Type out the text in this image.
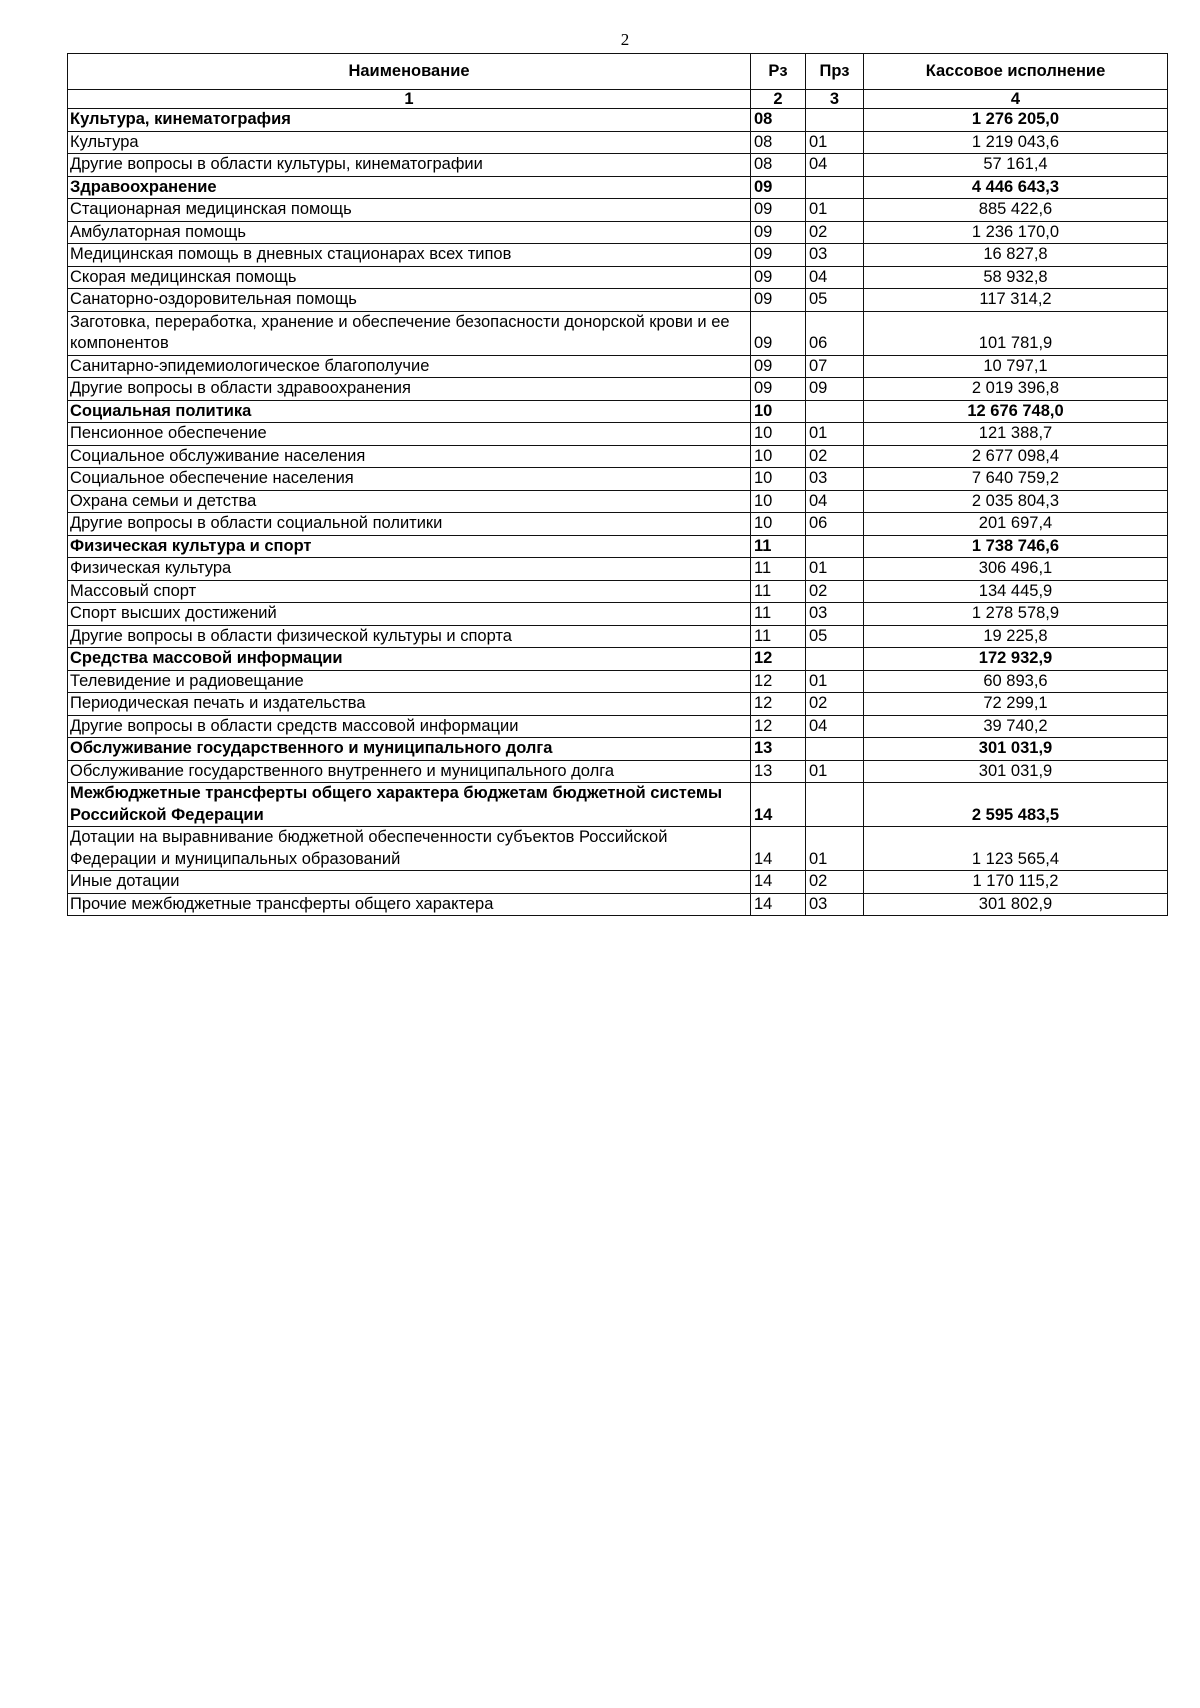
2
Наименование	Рз	Прз	Кассовое исполнение
1	2	3	4
Культура, кинематография	08		1 276 205,0
Культура	08	01	1 219 043,6
Другие вопросы в области культуры, кинематографии	08	04	57 161,4
Здравоохранение	09		4 446 643,3
Стационарная медицинская помощь	09	01	885 422,6
Амбулаторная помощь	09	02	1 236 170,0
Медицинская помощь в дневных стационарах всех типов	09	03	16 827,8
Скорая медицинская помощь	09	04	58 932,8
Санаторно-оздоровительная помощь	09	05	117 314,2
Заготовка, переработка, хранение и обеспечение безопасности донорской крови и ее компонентов	09	06	101 781,9
Санитарно-эпидемиологическое благополучие	09	07	10 797,1
Другие вопросы в области здравоохранения	09	09	2 019 396,8
Социальная политика	10		12 676 748,0
Пенсионное обеспечение	10	01	121 388,7
Социальное обслуживание населения	10	02	2 677 098,4
Социальное обеспечение населения	10	03	7 640 759,2
Охрана семьи и детства	10	04	2 035 804,3
Другие вопросы в области социальной политики	10	06	201 697,4
Физическая культура и спорт	11		1 738 746,6
Физическая культура	11	01	306 496,1
Массовый спорт	11	02	134 445,9
Спорт высших достижений	11	03	1 278 578,9
Другие вопросы в области физической культуры и спорта	11	05	19 225,8
Средства массовой информации	12		172 932,9
Телевидение и радиовещание	12	01	60 893,6
Периодическая печать и издательства	12	02	72 299,1
Другие вопросы в области средств массовой информации	12	04	39 740,2
Обслуживание государственного и муниципального долга	13		301 031,9
Обслуживание государственного внутреннего и муниципального долга	13	01	301 031,9
Межбюджетные трансферты общего характера бюджетам бюджетной системы Российской Федерации	14		2 595 483,5
Дотации на выравнивание бюджетной обеспеченности субъектов Российской Федерации и муниципальных образований	14	01	1 123 565,4
Иные дотации	14	02	1 170 115,2
Прочие межбюджетные трансферты общего характера	14	03	301 802,9
